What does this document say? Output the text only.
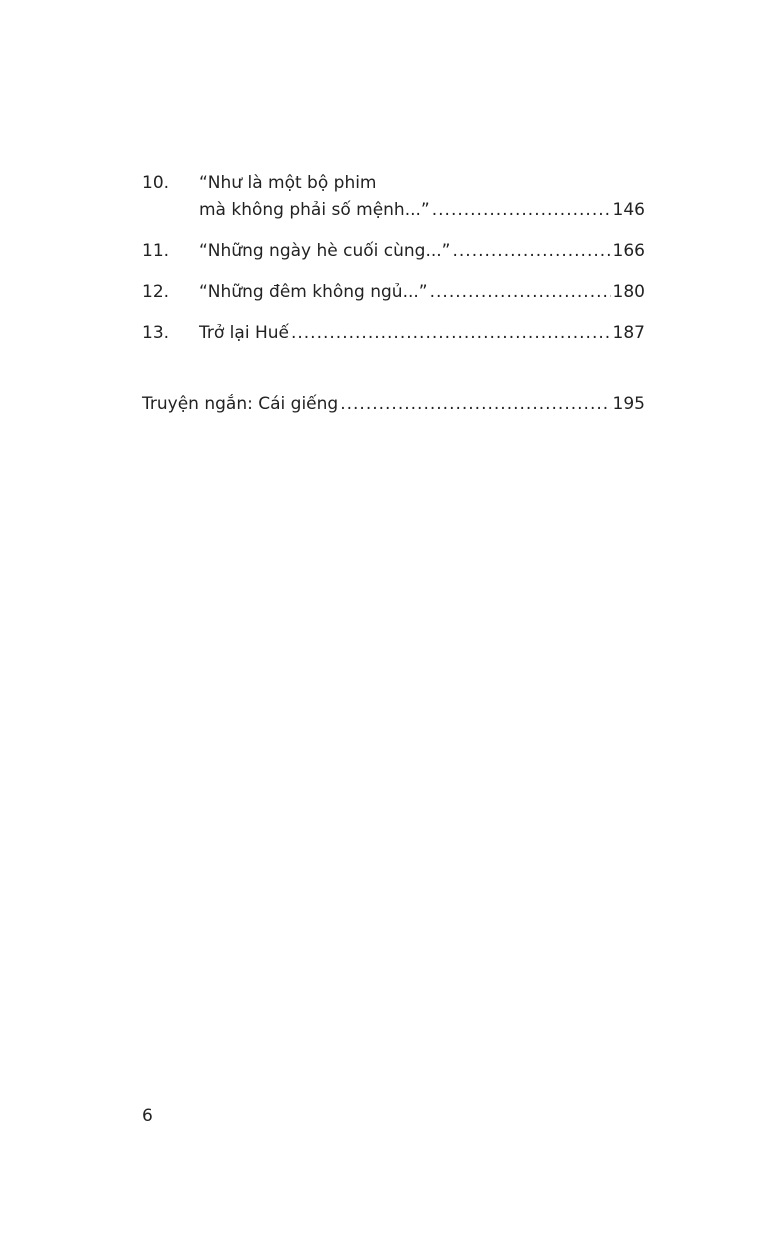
10.	“Như là một bộ phim
mà không phải số mệnh...” .....	146
11.	“Những ngày hè cuối cùng...” .....	166
12.	“Những đêm không ngủ...” .....	180
13.	Trở lại Huế .....	187
Truyện ngắn: Cái giếng .....	195
6
